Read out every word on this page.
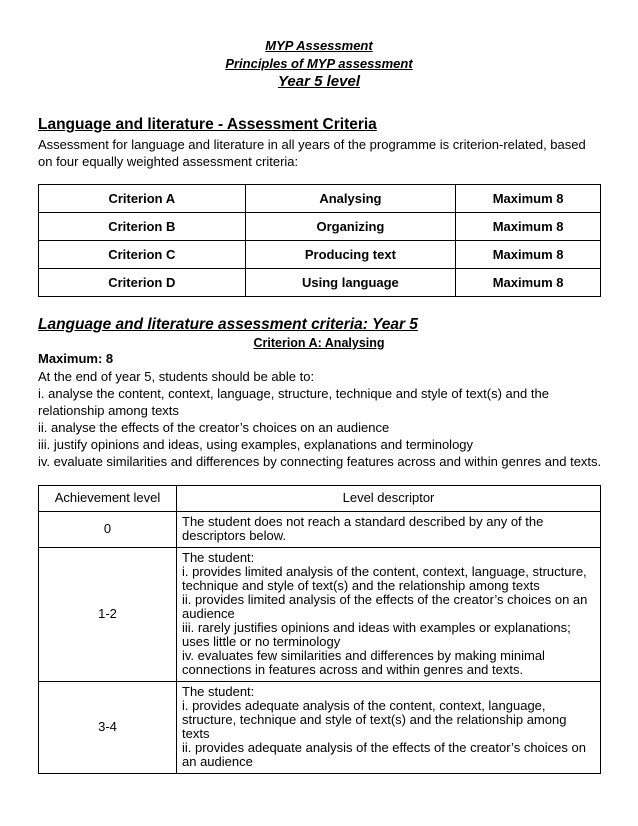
MYP Assessment
Principles of MYP assessment
Year 5 level
Language and literature - Assessment Criteria
Assessment for language and literature in all years of the programme is criterion-related, based on four equally weighted assessment criteria:
Criterion A	Analysing	Maximum 8
Criterion B	Organizing	Maximum 8
Criterion C	Producing text	Maximum 8
Criterion D	Using language	Maximum 8
Language and literature assessment criteria: Year 5
Criterion A: Analysing
Maximum: 8
At the end of year 5, students should be able to:
i. analyse the content, context, language, structure, technique and style of text(s) and the relationship among texts
ii. analyse the effects of the creator’s choices on an audience
iii. justify opinions and ideas, using examples, explanations and terminology
iv. evaluate similarities and differences by connecting features across and within genres and texts.
Achievement level	Level descriptor
0	The student does not reach a standard described by any of the descriptors below.

1-2	The student:
i. provides limited analysis of the content, context, language, structure, technique and style of text(s) and the relationship among texts
ii. provides limited analysis of the effects of the creator’s choices on an audience
iii. rarely justifies opinions and ideas with examples or explanations; uses little or no terminology
iv. evaluates few similarities and differences by making minimal connections in features across and within genres and texts.

3-4	The student:
i. provides adequate analysis of the content, context, language, structure, technique and style of text(s) and the relationship among texts
ii. provides adequate analysis of the effects of the creator’s choices on an audience
